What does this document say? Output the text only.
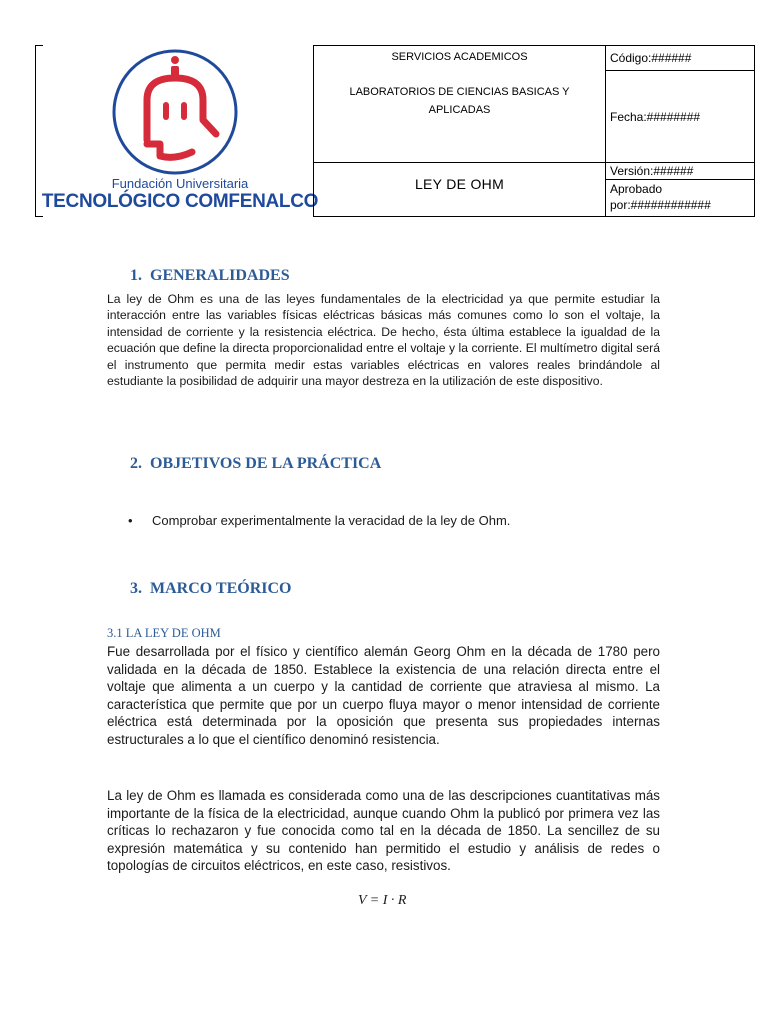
Fundación Universitaria
TECNOLÓGICO COMFENALCO
SERVICIOS ACADEMICOS
LABORATORIOS DE CIENCIAS BASICAS Y APLICADAS	Código:######
	Fecha:########

LEY DE OHM	Versión:######

	Aprobado
por:############
1. GENERALIDADES
La ley de Ohm es una de las leyes fundamentales de la electricidad ya que permite estudiar la interacción entre las variables físicas eléctricas básicas más comunes como lo son el voltaje, la intensidad de corriente y la resistencia eléctrica. De hecho, ésta última establece la igualdad de la ecuación que define la directa proporcionalidad entre el voltaje y la corriente. El multímetro digital será el instrumento que permita medir estas variables eléctricas en valores reales brindándole al estudiante la posibilidad de adquirir una mayor destreza en la utilización de este dispositivo.
2. OBJETIVOS DE LA PRÁCTICA
•	Comprobar experimentalmente la veracidad de la ley de Ohm.
3. MARCO TEÓRICO
3.1 LA LEY DE OHM
Fue desarrollada por el físico y científico alemán Georg Ohm en la década de 1780 pero validada en la década de 1850. Establece la existencia de una relación directa entre el voltaje que alimenta a un cuerpo y la cantidad de corriente que atraviesa al mismo. La característica que permite que por un cuerpo fluya mayor o menor intensidad de corriente eléctrica está determinada por la oposición que presenta sus propiedades internas estructurales a lo que el científico denominó resistencia.
La ley de Ohm es llamada es considerada como una de las descripciones cuantitativas más importante de la física de la electricidad, aunque cuando Ohm la publicó por primera vez las críticas lo rechazaron y fue conocida como tal en la década de 1850. La sencillez de su expresión matemática y su contenido han permitido el estudio y análisis de redes o topologías de circuitos eléctricos, en este caso, resistivos.
V = I · R
